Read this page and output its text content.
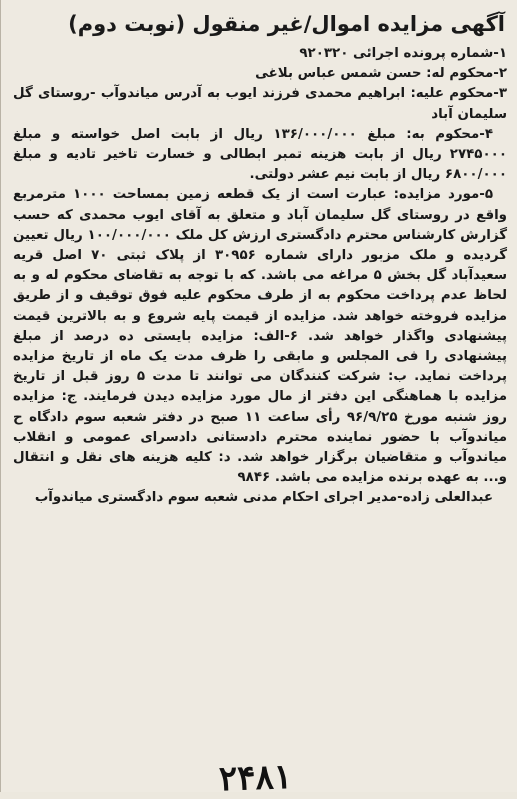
آگهی مزایده اموال/غیر منقول (نوبت دوم)

۱-شماره پرونده اجرائی ۹۲۰۳۲۰

۲-محکوم له: حسن شمس عباس بلاغی

۳-محکوم علیه: ابراهیم محمدی فرزند ایوب به آدرس میاندوآب -روستای گل سلیمان آباد

۴-محکوم به: مبلغ ۱۳۶/۰۰۰/۰۰۰ ریال از بابت اصل خواسته و مبلغ ۲۷۴۵۰۰۰ ریال از بابت هزینه تمبر ابطالی و خسارت تاخیر تادیه و مبلغ ۶۸۰۰/۰۰۰ ریال از بابت نیم عشر دولتی.

۵-مورد مزایده: عبارت است از یک قطعه زمین بمساحت ۱۰۰۰ مترمربع واقع در روستای گل سلیمان آباد و متعلق به آقای ایوب محمدی که حسب گزارش کارشناس محترم دادگستری ارزش کل ملک ۱۰۰/۰۰۰/۰۰۰ ریال تعیین گردیده و ملک مزبور دارای شماره ۳۰۹۵۶ از پلاک ثبتی ۷۰ اصل قریه سعیدآباد گل بخش ۵ مراغه می باشد. که با توجه به تقاضای محکوم له و به لحاظ عدم پرداخت محکوم به از طرف محکوم علیه فوق توقیف و از طریق مزایده فروخته خواهد شد. مزایده از قیمت پایه شروع و به بالاترین قیمت پیشنهادی واگذار خواهد شد. ۶-الف: مزایده بایستی ده درصد از مبلغ پیشنهادی را فی المجلس و مابقی را ظرف مدت یک ماه از تاریخ مزایده پرداخت نماید. ب: شرکت کنندگان می توانند تا مدت ۵ روز قبل از تاریخ مزایده با هماهنگی این دفتر از مال مورد مزایده دیدن فرمایند. ج: مزایده روز شنبه مورخ ۹۶/۹/۲۵ رأی ساعت ۱۱ صبح در دفتر شعبه سوم دادگاه ح میاندوآب با حضور نماینده محترم دادستانی دادسرای عمومی و انقلاب میاندوآب و متقاضیان برگزار خواهد شد. د: کلیه هزینه های نقل و انتقال و... به عهده برنده مزایده می باشد. ۹۸۴۶

عبدالعلی زاده-مدیر اجرای احکام مدنی شعبه سوم دادگستری میاندوآب

۲۴۸۱
